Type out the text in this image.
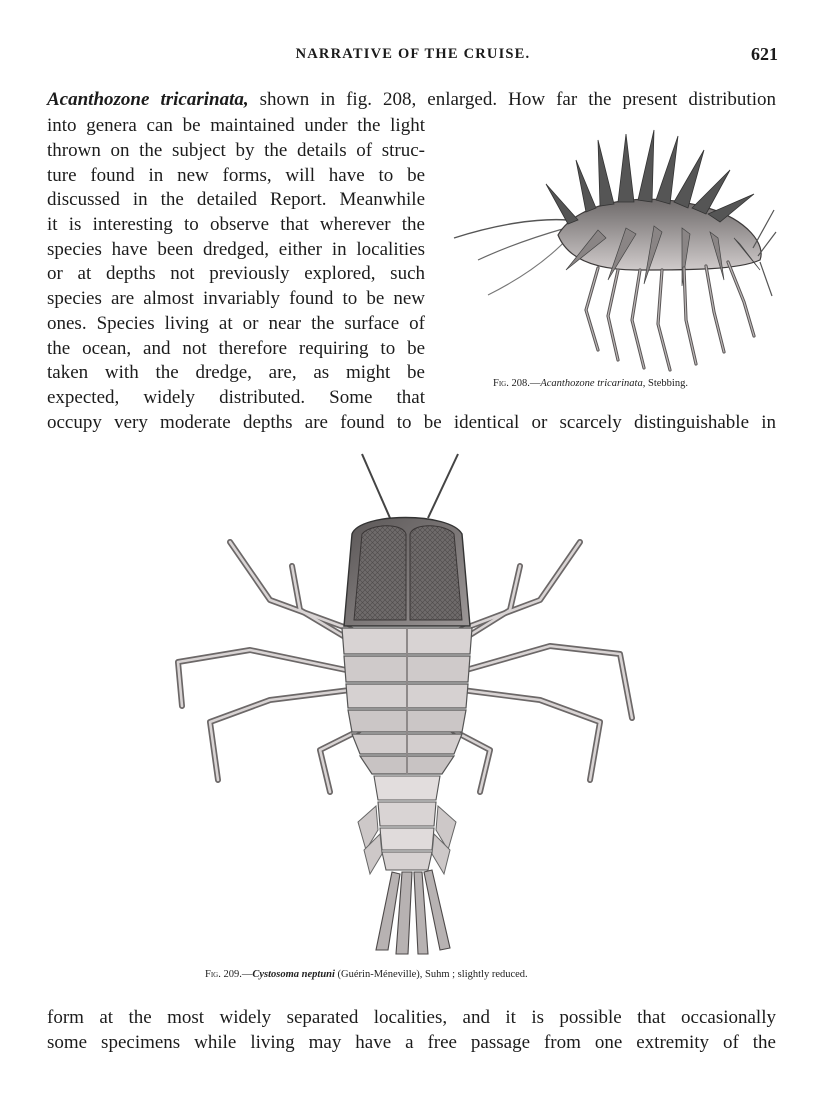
NARRATIVE OF THE CRUISE.	621
Acanthozone tricarinata, shown in fig. 208, enlarged. How far the present distribution
into genera can be maintained under the light
thrown on the subject by the details of struc-
ture found in new forms, will have to be
discussed in the detailed Report. Meanwhile
it is interesting to observe that wherever the
species have been dredged, either in localities
or at depths not previously explored, such
species are almost invariably found to be new
ones. Species living at or near the surface of
the ocean, and not therefore requiring to be
taken with the dredge, are, as might be
expected, widely distributed. Some that
occupy very moderate depths are found to be identical or scarcely distinguishable in
form at the most widely separated localities, and it is possible that occasionally
some specimens while living may have a free passage from one extremity of the
Fig. 208.—Acanthozone tricarinata, Stebbing.
Fig. 209.—Cystosoma neptuni (Guérin-Méneville), Suhm ; slightly reduced.
